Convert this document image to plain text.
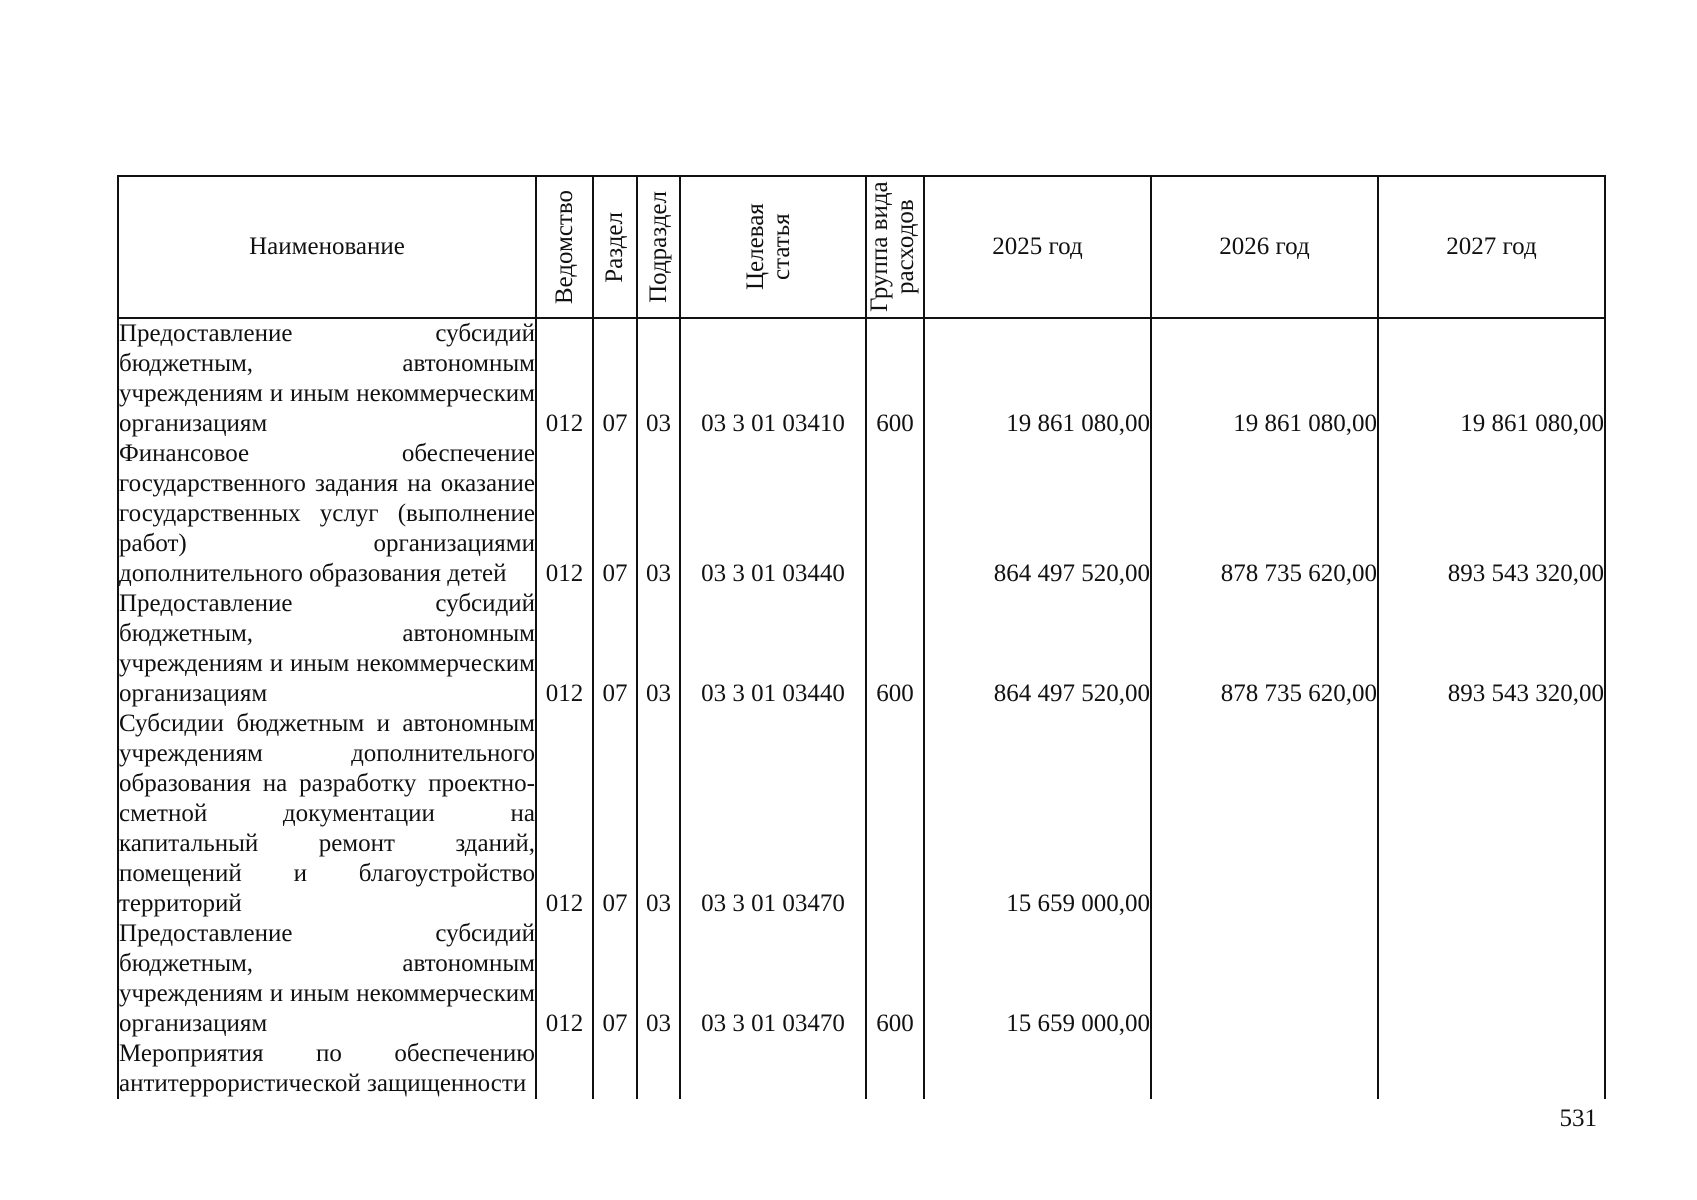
Наименование	Ведомство	Раздел	Подраздел	Целевая статья	Группа вида расходов	2025 год	2026 год	2027 год
Предоставление субсидий бюджетным, автономным учреждениям и иным некоммерческим организациям	012	07	03	03 3 01 03410	600	19 861 080,00	19 861 080,00	19 861 080,00
Финансовое обеспечение государственного задания на оказание государственных услуг (выполнение работ) организациями дополнительного образования детей	012	07	03	03 3 01 03440		864 497 520,00	878 735 620,00	893 543 320,00
Предоставление субсидий бюджетным, автономным учреждениям и иным некоммерческим организациям	012	07	03	03 3 01 03440	600	864 497 520,00	878 735 620,00	893 543 320,00
Субсидии бюджетным и автономным учреждениям дополнительного образования на разработку проектно-сметной документации на капитальный ремонт зданий, помещений и благоустройство территорий	012	07	03	03 3 01 03470		15 659 000,00		
Предоставление субсидий бюджетным, автономным учреждениям и иным некоммерческим организациям	012	07	03	03 3 01 03470	600	15 659 000,00		
Мероприятия по обеспечению антитеррористической защищенности								
531
